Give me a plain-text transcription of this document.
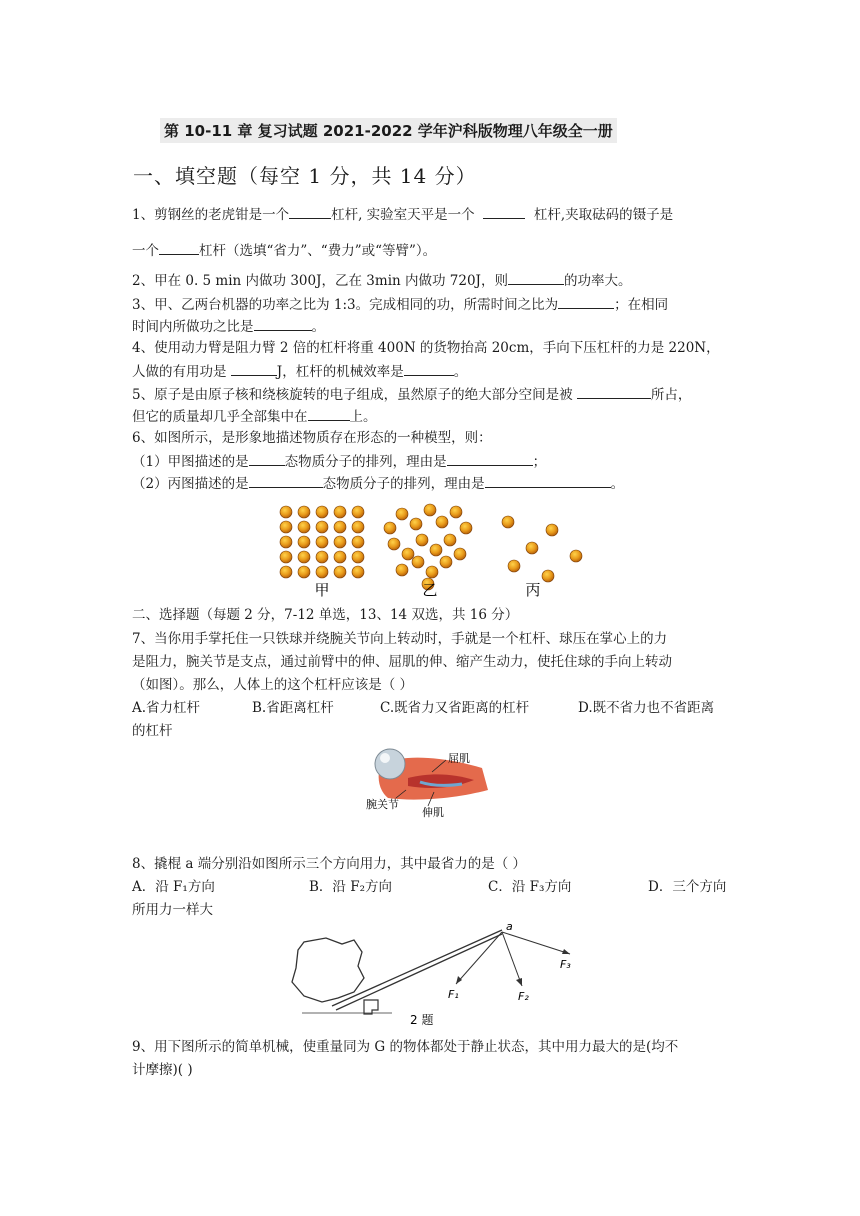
第 10-11 章 复习试题 2021-2022 学年沪科版物理八年级全一册
一、填空题（每空 1 分，共 14 分）
1、剪钢丝的老虎钳是一个	杠杆, 实验室天平是一个	杠杆,夹取砝码的镊子是
一个	杠杆（选填“省力”、“费力”或“等臂”）。
2、甲在 0. 5 min 内做功 300J，乙在 3min 内做功 720J，则	的功率大。
3、甲、乙两台机器的功率之比为 1:3。完成相同的功，所需时间之比为	；在相同
时间内所做功之比是	。
4、使用动力臂是阻力臂 2 倍的杠杆将重 400N 的货物抬高 20cm，手向下压杠杆的力是 220N，
人做的有用功是	J，杠杆的机械效率是	。
5、原子是由原子核和绕核旋转的电子组成，虽然原子的绝大部分空间是被	所占，
但它的质量却几乎全部集中在	上。
6、如图所示，是形象地描述物质存在形态的一种模型，则：
（1）甲图描述的是	态物质分子的排列，理由是	；
（2）丙图描述的是	态物质分子的排列，理由是	。
甲	乙	丙
二、选择题（每题 2 分，7-12 单选，13、14 双选，共 16 分）
7、当你用手掌托住一只铁球并绕腕关节向上转动时，手就是一个杠杆、球压在掌心上的力
是阻力，腕关节是支点，通过前臂中的伸、屈肌的伸、缩产生动力，使托住球的手向上转动
（如图）。那么，人体上的这个杠杆应该是（ ）
A.省力杠杆	B.省距离杠杆	C.既省力又省距离的杠杆	D.既不省力也不省距离
的杠杆
屈肌
腕关节
伸肌
8、撬棍 a 端分别沿如图所示三个方向用力，其中最省力的是（ ）
A．沿 F₁方向	B．沿 F₂方向	C．沿 F₃方向	D．三个方向
所用力一样大
a
F₁	F₂
F₃
2 题
9、用下图所示的简单机械，使重量同为 G 的物体都处于静止状态，其中用力最大的是(均不
计摩擦)( )
